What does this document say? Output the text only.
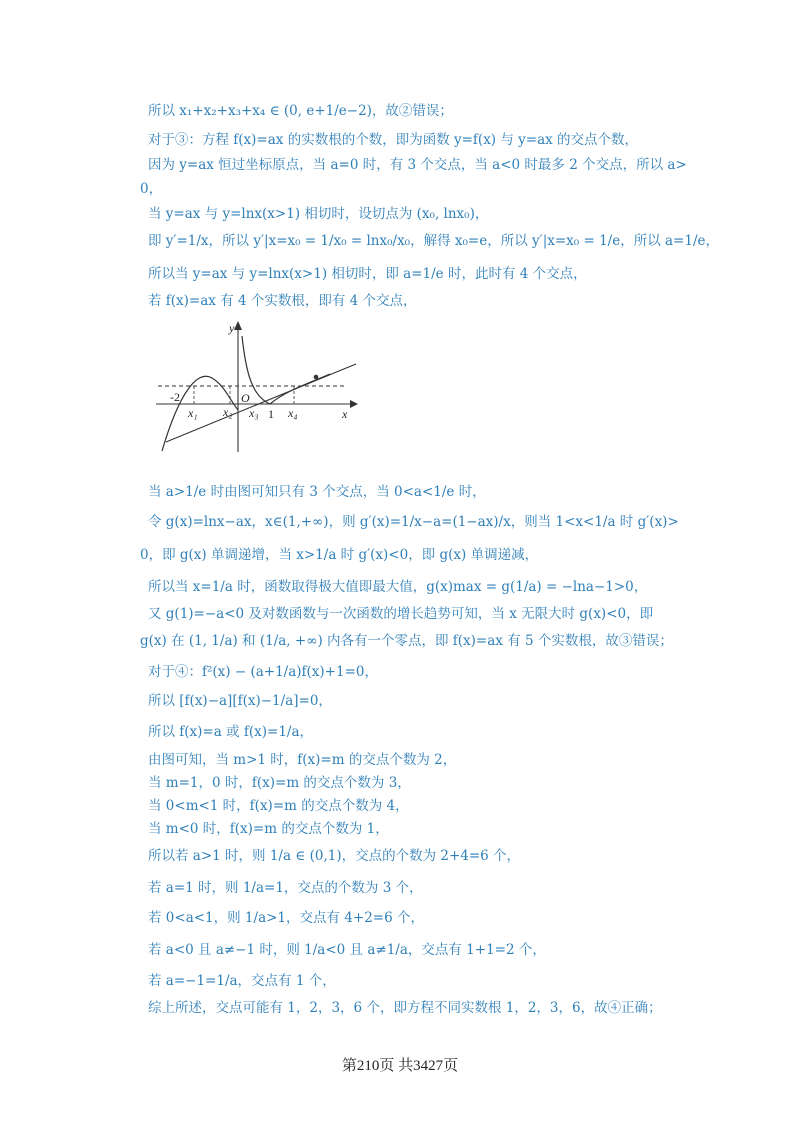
所以 x₁+x₂+x₃+x₄ ∈ (0, e+1/e−2)，故②错误；
对于③：方程 f(x)=ax 的实数根的个数，即为函数 y=f(x) 与 y=ax 的交点个数，
因为 y=ax 恒过坐标原点，当 a=0 时，有 3 个交点，当 a<0 时最多 2 个交点，所以 a>
0，
当 y=ax 与 y=lnx(x>1) 相切时，设切点为 (x₀, lnx₀)，
即 y′=1/x，所以 y′|x=x₀ = 1/x₀ = lnx₀/x₀，解得 x₀=e，所以 y′|x=x₀ = 1/e，所以 a=1/e，
所以当 y=ax 与 y=lnx(x>1) 相切时，即 a=1/e 时，此时有 4 个交点，
若 f(x)=ax 有 4 个实数根，即有 4 个交点，
当 a>1/e 时由图可知只有 3 个交点，当 0<a<1/e 时，
令 g(x)=lnx−ax，x∈(1,+∞)，则 g′(x)=1/x−a=(1−ax)/x，则当 1<x<1/a 时 g′(x)>
0，即 g(x) 单调递增，当 x>1/a 时 g′(x)<0，即 g(x) 单调递减，
所以当 x=1/a 时，函数取得极大值即最大值，g(x)max = g(1/a) = −lna−1>0，
又 g(1)=−a<0 及对数函数与一次函数的增长趋势可知，当 x 无限大时 g(x)<0，即
g(x) 在 (1, 1/a) 和 (1/a, +∞) 内各有一个零点，即 f(x)=ax 有 5 个实数根，故③错误；
对于④：f²(x) − (a+1/a)f(x)+1=0，
所以 [f(x)−a][f(x)−1/a]=0，
所以 f(x)=a 或 f(x)=1/a，
由图可知，当 m>1 时，f(x)=m 的交点个数为 2，
当 m=1，0 时，f(x)=m 的交点个数为 3，
当 0<m<1 时，f(x)=m 的交点个数为 4，
当 m<0 时，f(x)=m 的交点个数为 1，
所以若 a>1 时，则 1/a ∈ (0,1)，交点的个数为 2+4=6 个，
若 a=1 时，则 1/a=1，交点的个数为 3 个，
若 0<a<1，则 1/a>1，交点有 4+2=6 个，
若 a<0 且 a≠−1 时，则 1/a<0 且 a≠1/a，交点有 1+1=2 个，
若 a=−1=1/a，交点有 1 个，
综上所述，交点可能有 1，2，3，6 个，即方程不同实数根 1，2，3，6，故④正确；
y
x
-2
x₁ x₂
O
x₃ 1 x₄
第210页 共3427页
